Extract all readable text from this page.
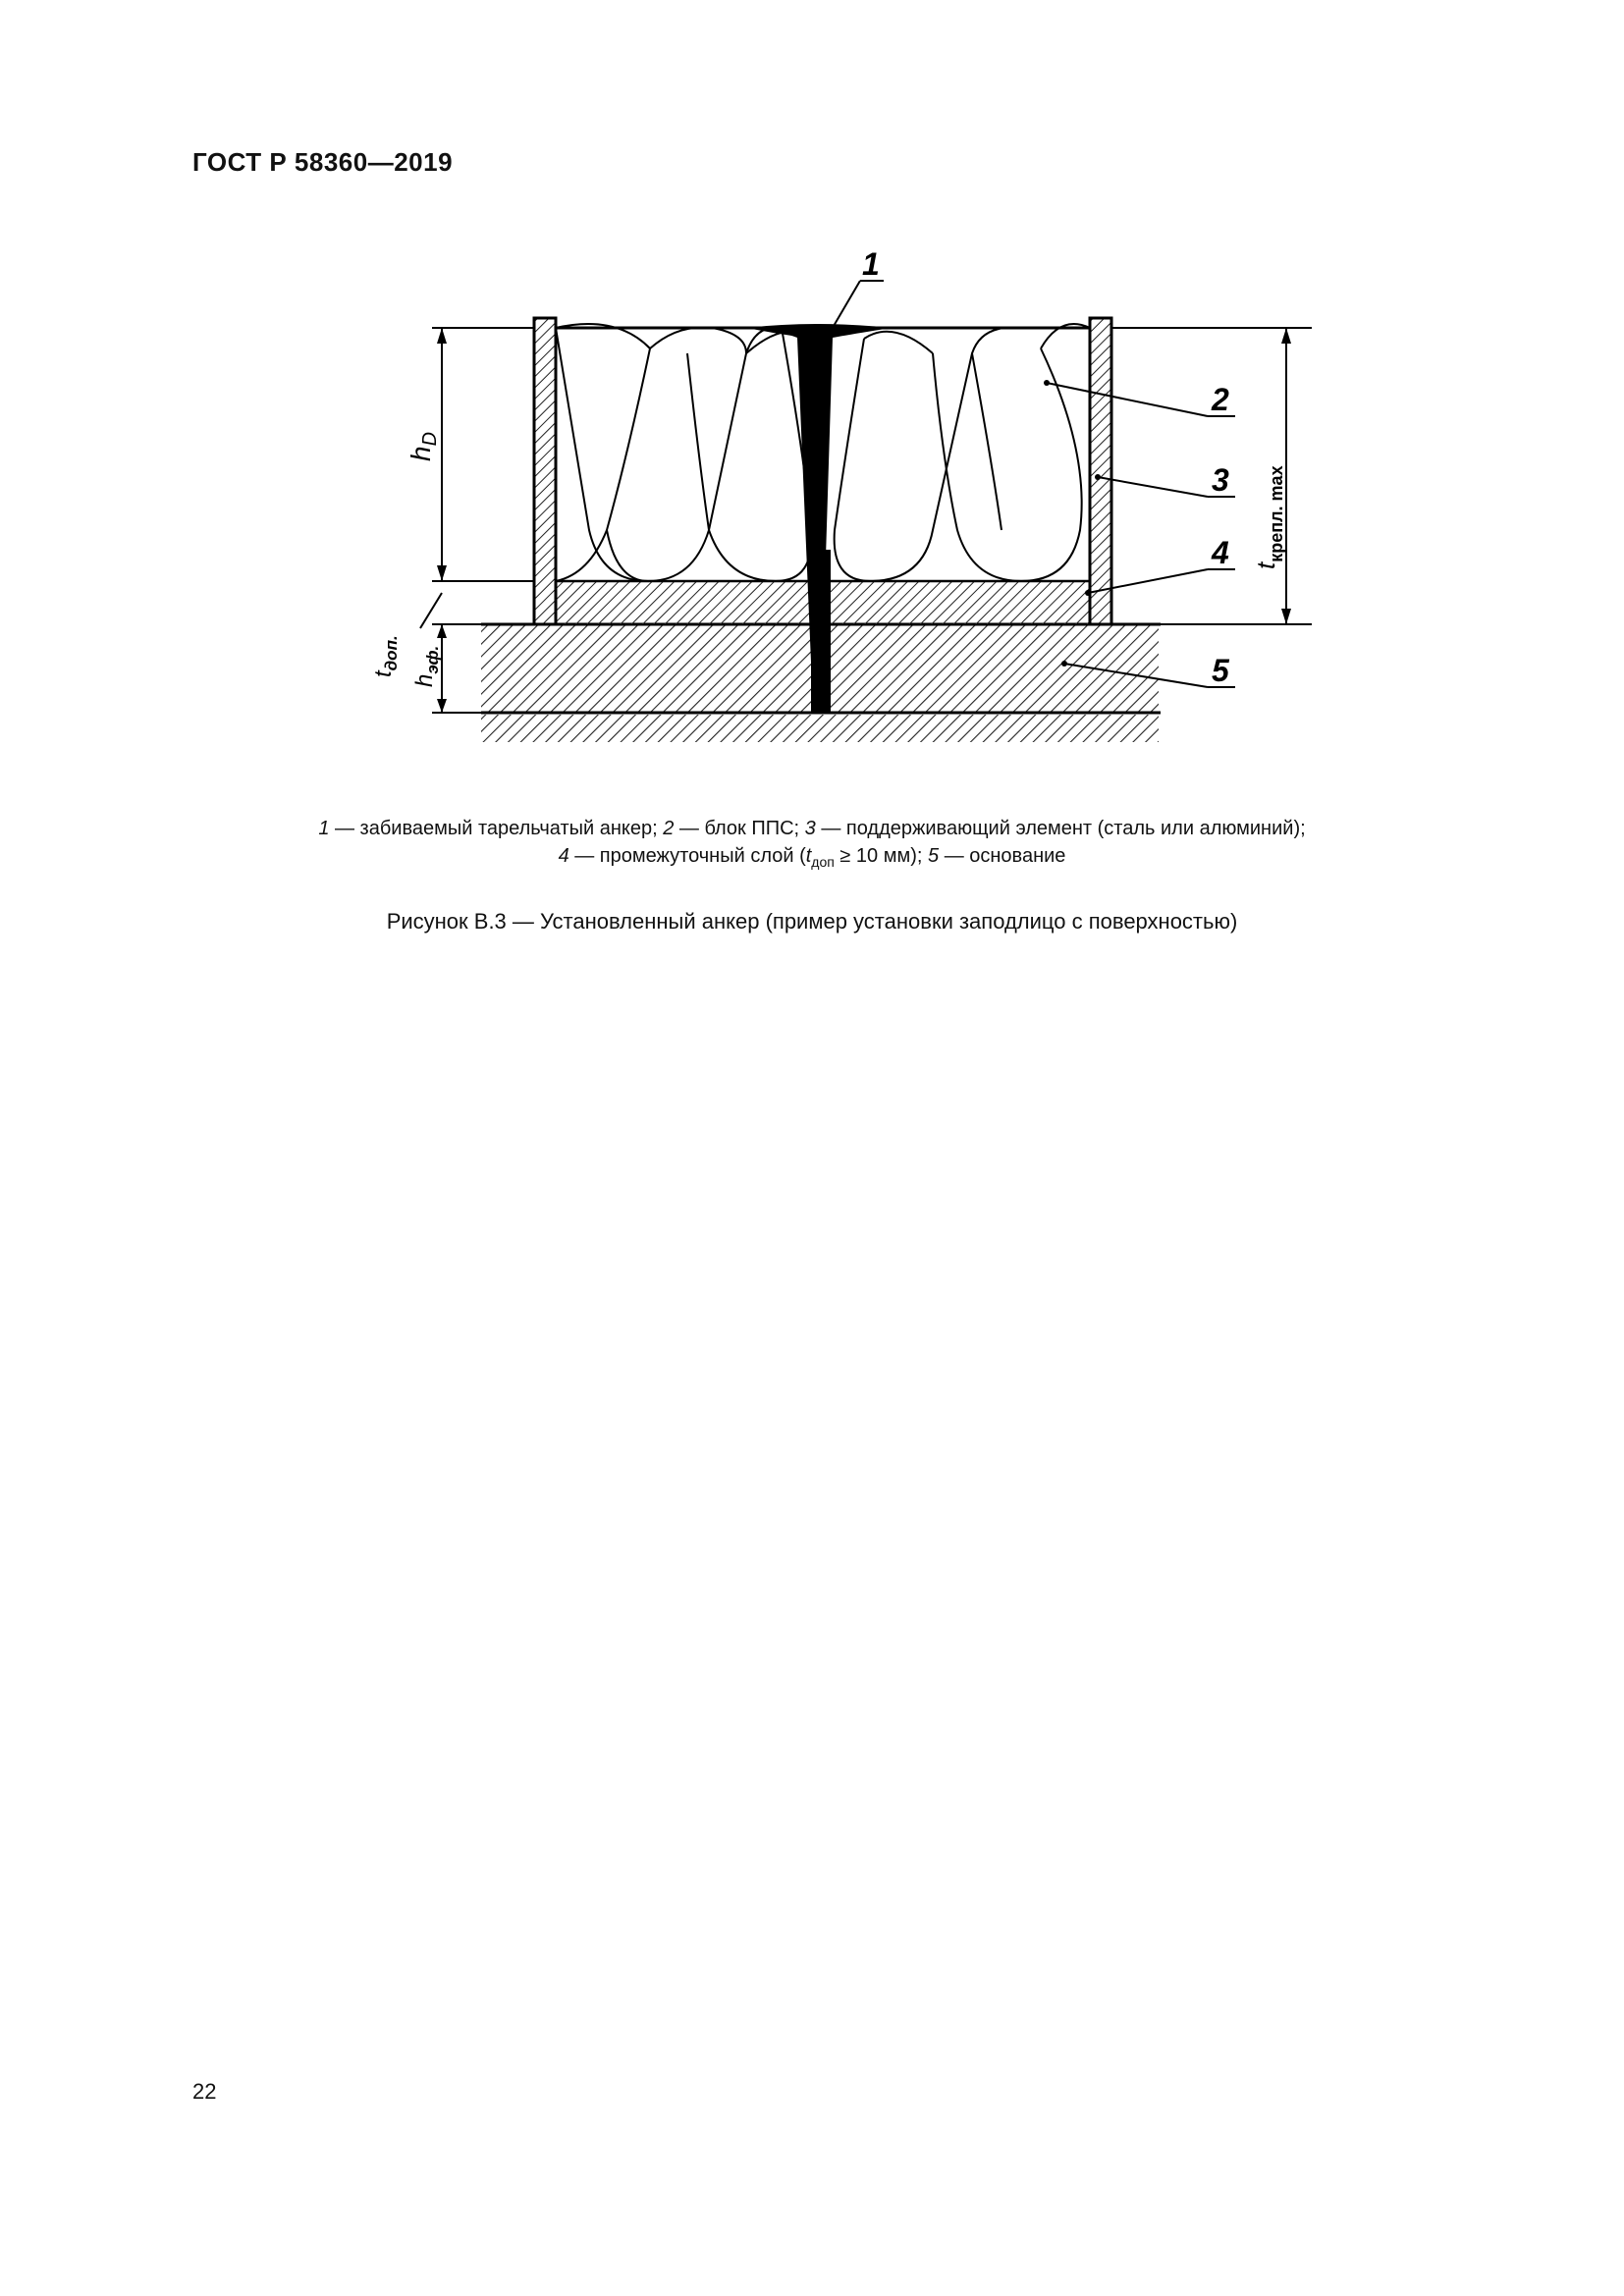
ГОСТ Р 58360—2019
$h_D$
$t_{доп.}$
$h_{эф.}$
$t_{крепл. max}$
1
2
3
4
5
1 — забиваемый тарельчатый анкер; 2 — блок ППС; 3 — поддерживающий элемент (сталь или алюминий);
4 — промежуточный слой ($t_{доп} \ge 10$ мм); 5 — основание
Рисунок В.3 — Установленный анкер (пример установки заподлицо с поверхностью)
22
